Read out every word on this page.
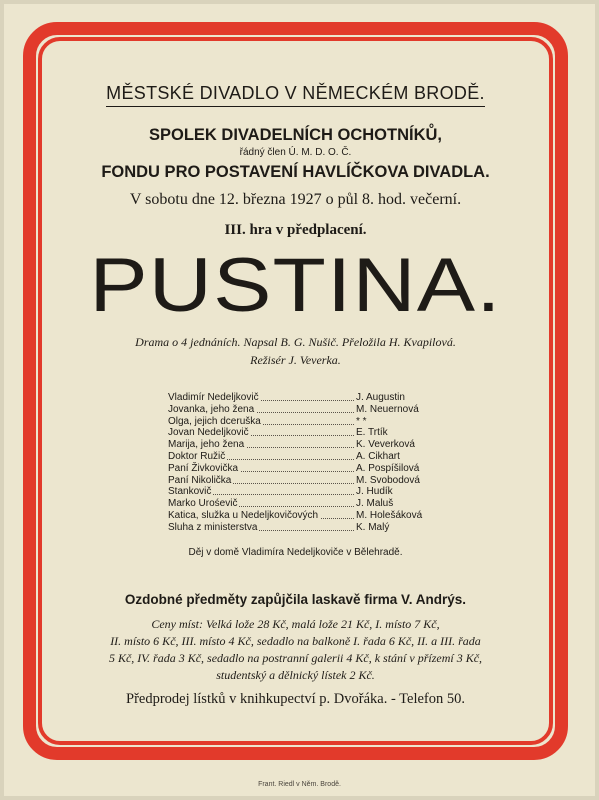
MĚSTSKÉ DIVADLO V NĚMECKÉM BRODĚ.
SPOLEK DIVADELNÍCH OCHOTNÍKŮ,
řádný člen Ú. M. D. O. Č.
FONDU PRO POSTAVENÍ HAVLÍČKOVA DIVADLA.
V sobotu dne 12. března 1927 o půl 8. hod. večerní.
III. hra v předplacení.
PUSTINA.
Drama o 4 jednáních. Napsal B. G. Nušič. Přeložila H. Kvapilová.
Režisér J. Veverka.
Vladimír Nedeljkovič	J. Augustin
Jovanka, jeho žena	M. Neuernová
Olga, jejich dceruška	* *
Jovan Nedeljkovič	E. Trtík
Marija, jeho žena	K. Veverková
Doktor Ružič	A. Cikhart
Paní Živkovička	A. Pospíšilová
Paní Nikolička	M. Svobodová
Stankovič	J. Hudík
Marko Urośevič	J. Maluš
Katica, služka u Nedeljkovičových	M. Holešáková
Sluha z ministerstva	K. Malý
Děj v domě Vladimíra Nedeljkoviče v Bělehradě.
Ozdobné předměty zapůjčila laskavě firma V. Andrýs.
Ceny míst: Velká lože 28 Kč, malá lože 21 Kč, I. místo 7 Kč,
II. místo 6 Kč, III. místo 4 Kč, sedadlo na balkoně I. řada 6 Kč, II. a III. řada
5 Kč, IV. řada 3 Kč, sedadlo na postranní galerii 4 Kč, k stání v přízemí 3 Kč,
studentský a dělnický lístek 2 Kč.
Předprodej lístků v knihkupectví p. Dvořáka. - Telefon 50.
Frant. Riedl v Něm. Brodě.
